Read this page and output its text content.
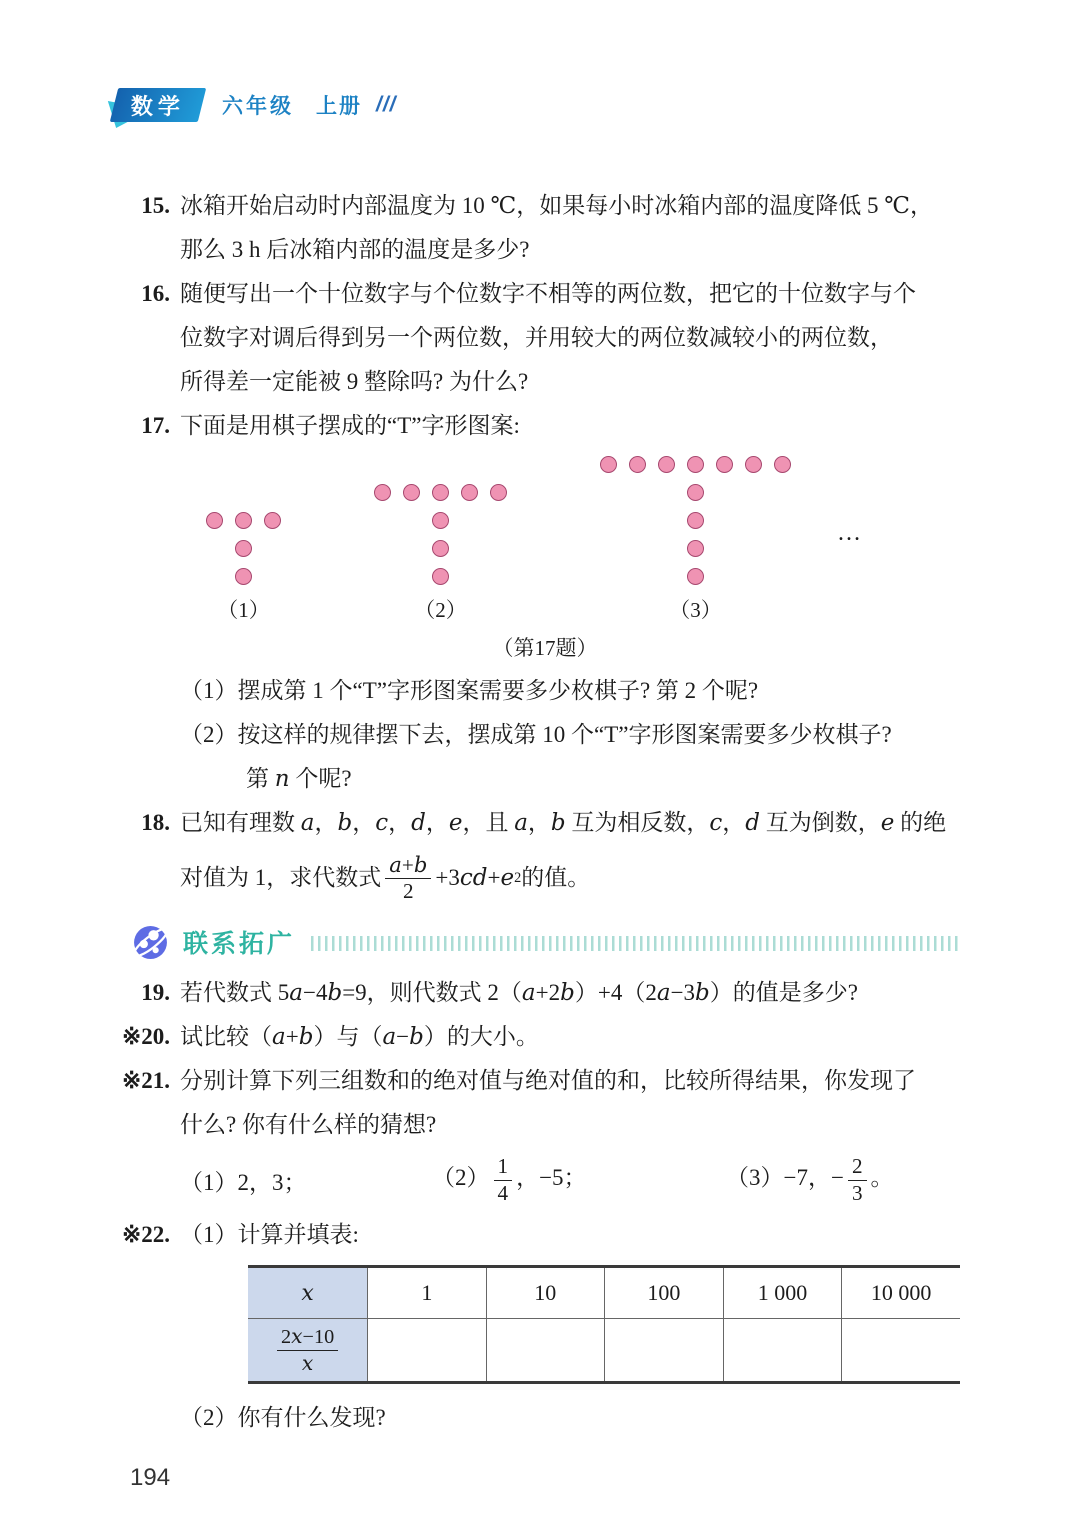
数学 六年级 上册 ///
15. 冰箱开始启动时内部温度为 10 ℃，如果每小时冰箱内部的温度降低 5 ℃，
那么 3 h 后冰箱内部的温度是多少?
16. 随便写出一个十位数字与个位数字不相等的两位数，把它的十位数字与个
位数字对调后得到另一个两位数，并用较大的两位数减较小的两位数，
所得差一定能被 9 整除吗? 为什么?
17. 下面是用棋子摆成的“T”字形图案:
（1）	（2）	（3）
…
（第17题）
（1）摆成第 1 个“T”字形图案需要多少枚棋子? 第 2 个呢?
（2）按这样的规律摆下去，摆成第 10 个“T”字形图案需要多少枚棋子?
第 n 个呢?
18. 已知有理数 a，b，c，d，e，且 a，b 互为相反数，c，d 互为倒数，e 的绝
对值为 1，求代数式 $\frac{a+b}{2} +3$ cd + e 2 的值。
联系拓广
19. 若代数式 5a−4b=9，则代数式 2（a+2b）+4（2a−3b）的值是多少?
※20. 试比较（a+b）与（a−b）的大小。
※21. 分别计算下列三组数和的绝对值与绝对值的和，比较所得结果，你发现了
什么? 你有什么样的猜想?
（1）2，3；	$(2) \frac{1}{4}$ ，−5；	（3）−7，− $\frac{2}{3}$ 。
※22. （1）计算并填表:
x	1	10	100	1 000	10 000

$\frac{2x-10}{x}$

（2）你有什么发现?
194
